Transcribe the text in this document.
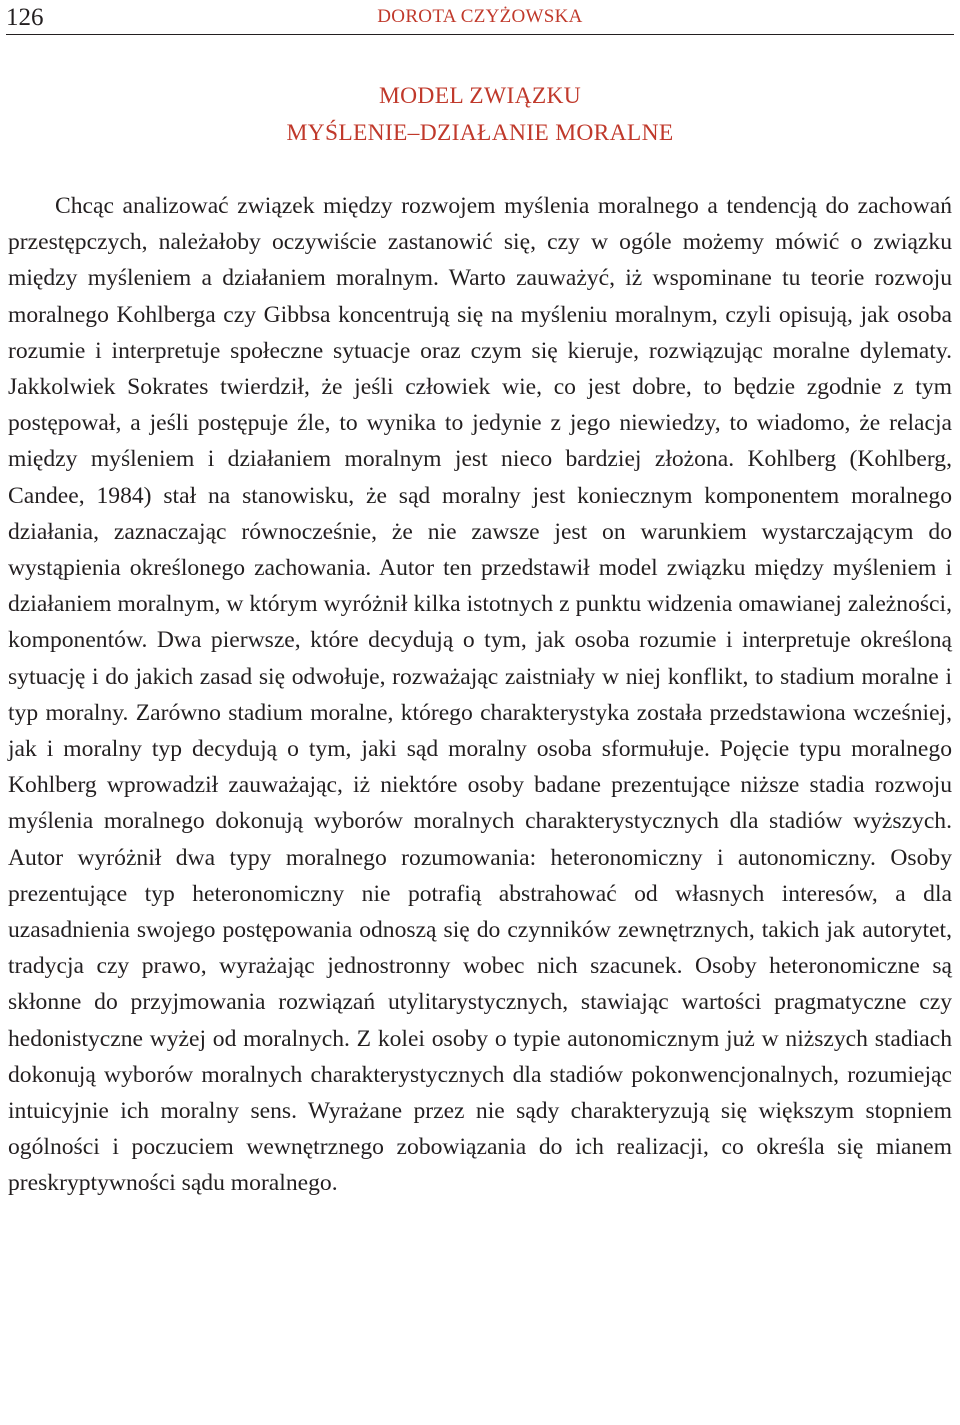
126	DOROTA CZYŻOWSKA
MODEL ZWIĄZKU
MYŚLENIE–DZIAŁANIE MORALNE

Chcąc analizować związek między rozwojem myślenia moralnego a tendencją do zachowań przestępczych, należałoby oczywiście zastanowić się, czy w ogóle możemy mówić o związku między myśleniem a działaniem moralnym. Warto zauważyć, iż wspominane tu teorie rozwoju moralnego Kohlberga czy Gibbsa koncentrują się na myśleniu moralnym, czyli opisują, jak osoba rozumie i interpretuje społeczne sytuacje oraz czym się kieruje, rozwiązując moralne dylematy. Jakkolwiek Sokrates twierdził, że jeśli człowiek wie, co jest dobre, to będzie zgodnie z tym postępował, a jeśli postępuje źle, to wynika to jedynie z jego niewiedzy, to wiadomo, że relacja między myśleniem i działaniem moralnym jest nieco bardziej złożona. Kohlberg (Kohlberg, Candee, 1984) stał na stanowisku, że sąd moralny jest koniecznym komponentem moralnego działania, zaznaczając równocześnie, że nie zawsze jest on warunkiem wystarczającym do wystąpienia określonego zachowania. Autor ten przedstawił model związku między myśleniem i działaniem moralnym, w którym wyróżnił kilka istotnych z punktu widzenia omawianej zależności, komponentów. Dwa pierwsze, które decydują o tym, jak osoba rozumie i interpretuje określoną sytuację i do jakich zasad się odwołuje, rozważając zaistniały w niej konflikt, to stadium moralne i typ moralny. Zarówno stadium moralne, którego charakterystyka została przedstawiona wcześniej, jak i moralny typ decydują o tym, jaki sąd moralny osoba sformułuje. Pojęcie typu moralnego Kohlberg wprowadził zauważając, iż niektóre osoby badane prezentujące niższe stadia rozwoju myślenia moralnego dokonują wyborów moralnych charakterystycznych dla stadiów wyższych. Autor wyróżnił dwa typy moralnego rozumowania: heteronomiczny i autonomiczny. Osoby prezentujące typ heteronomiczny nie potrafią abstrahować od własnych interesów, a dla uzasadnienia swojego postępowania odnoszą się do czynników zewnętrznych, takich jak autorytet, tradycja czy prawo, wyrażając jednostronny wobec nich szacunek. Osoby heteronomiczne są skłonne do przyjmowania rozwiązań utylitarystycznych, stawiając wartości pragmatyczne czy hedonistyczne wyżej od moralnych. Z kolei osoby o typie autonomicznym już w niższych stadiach dokonują wyborów moralnych charakterystycznych dla stadiów pokonwencjonalnych, rozumiejąc intuicyjnie ich moralny sens. Wyrażane przez nie sądy charakteryzują się większym stopniem ogólności i poczuciem wewnętrznego zobowiązania do ich realizacji, co określa się mianem preskryptywności sądu moralnego.
